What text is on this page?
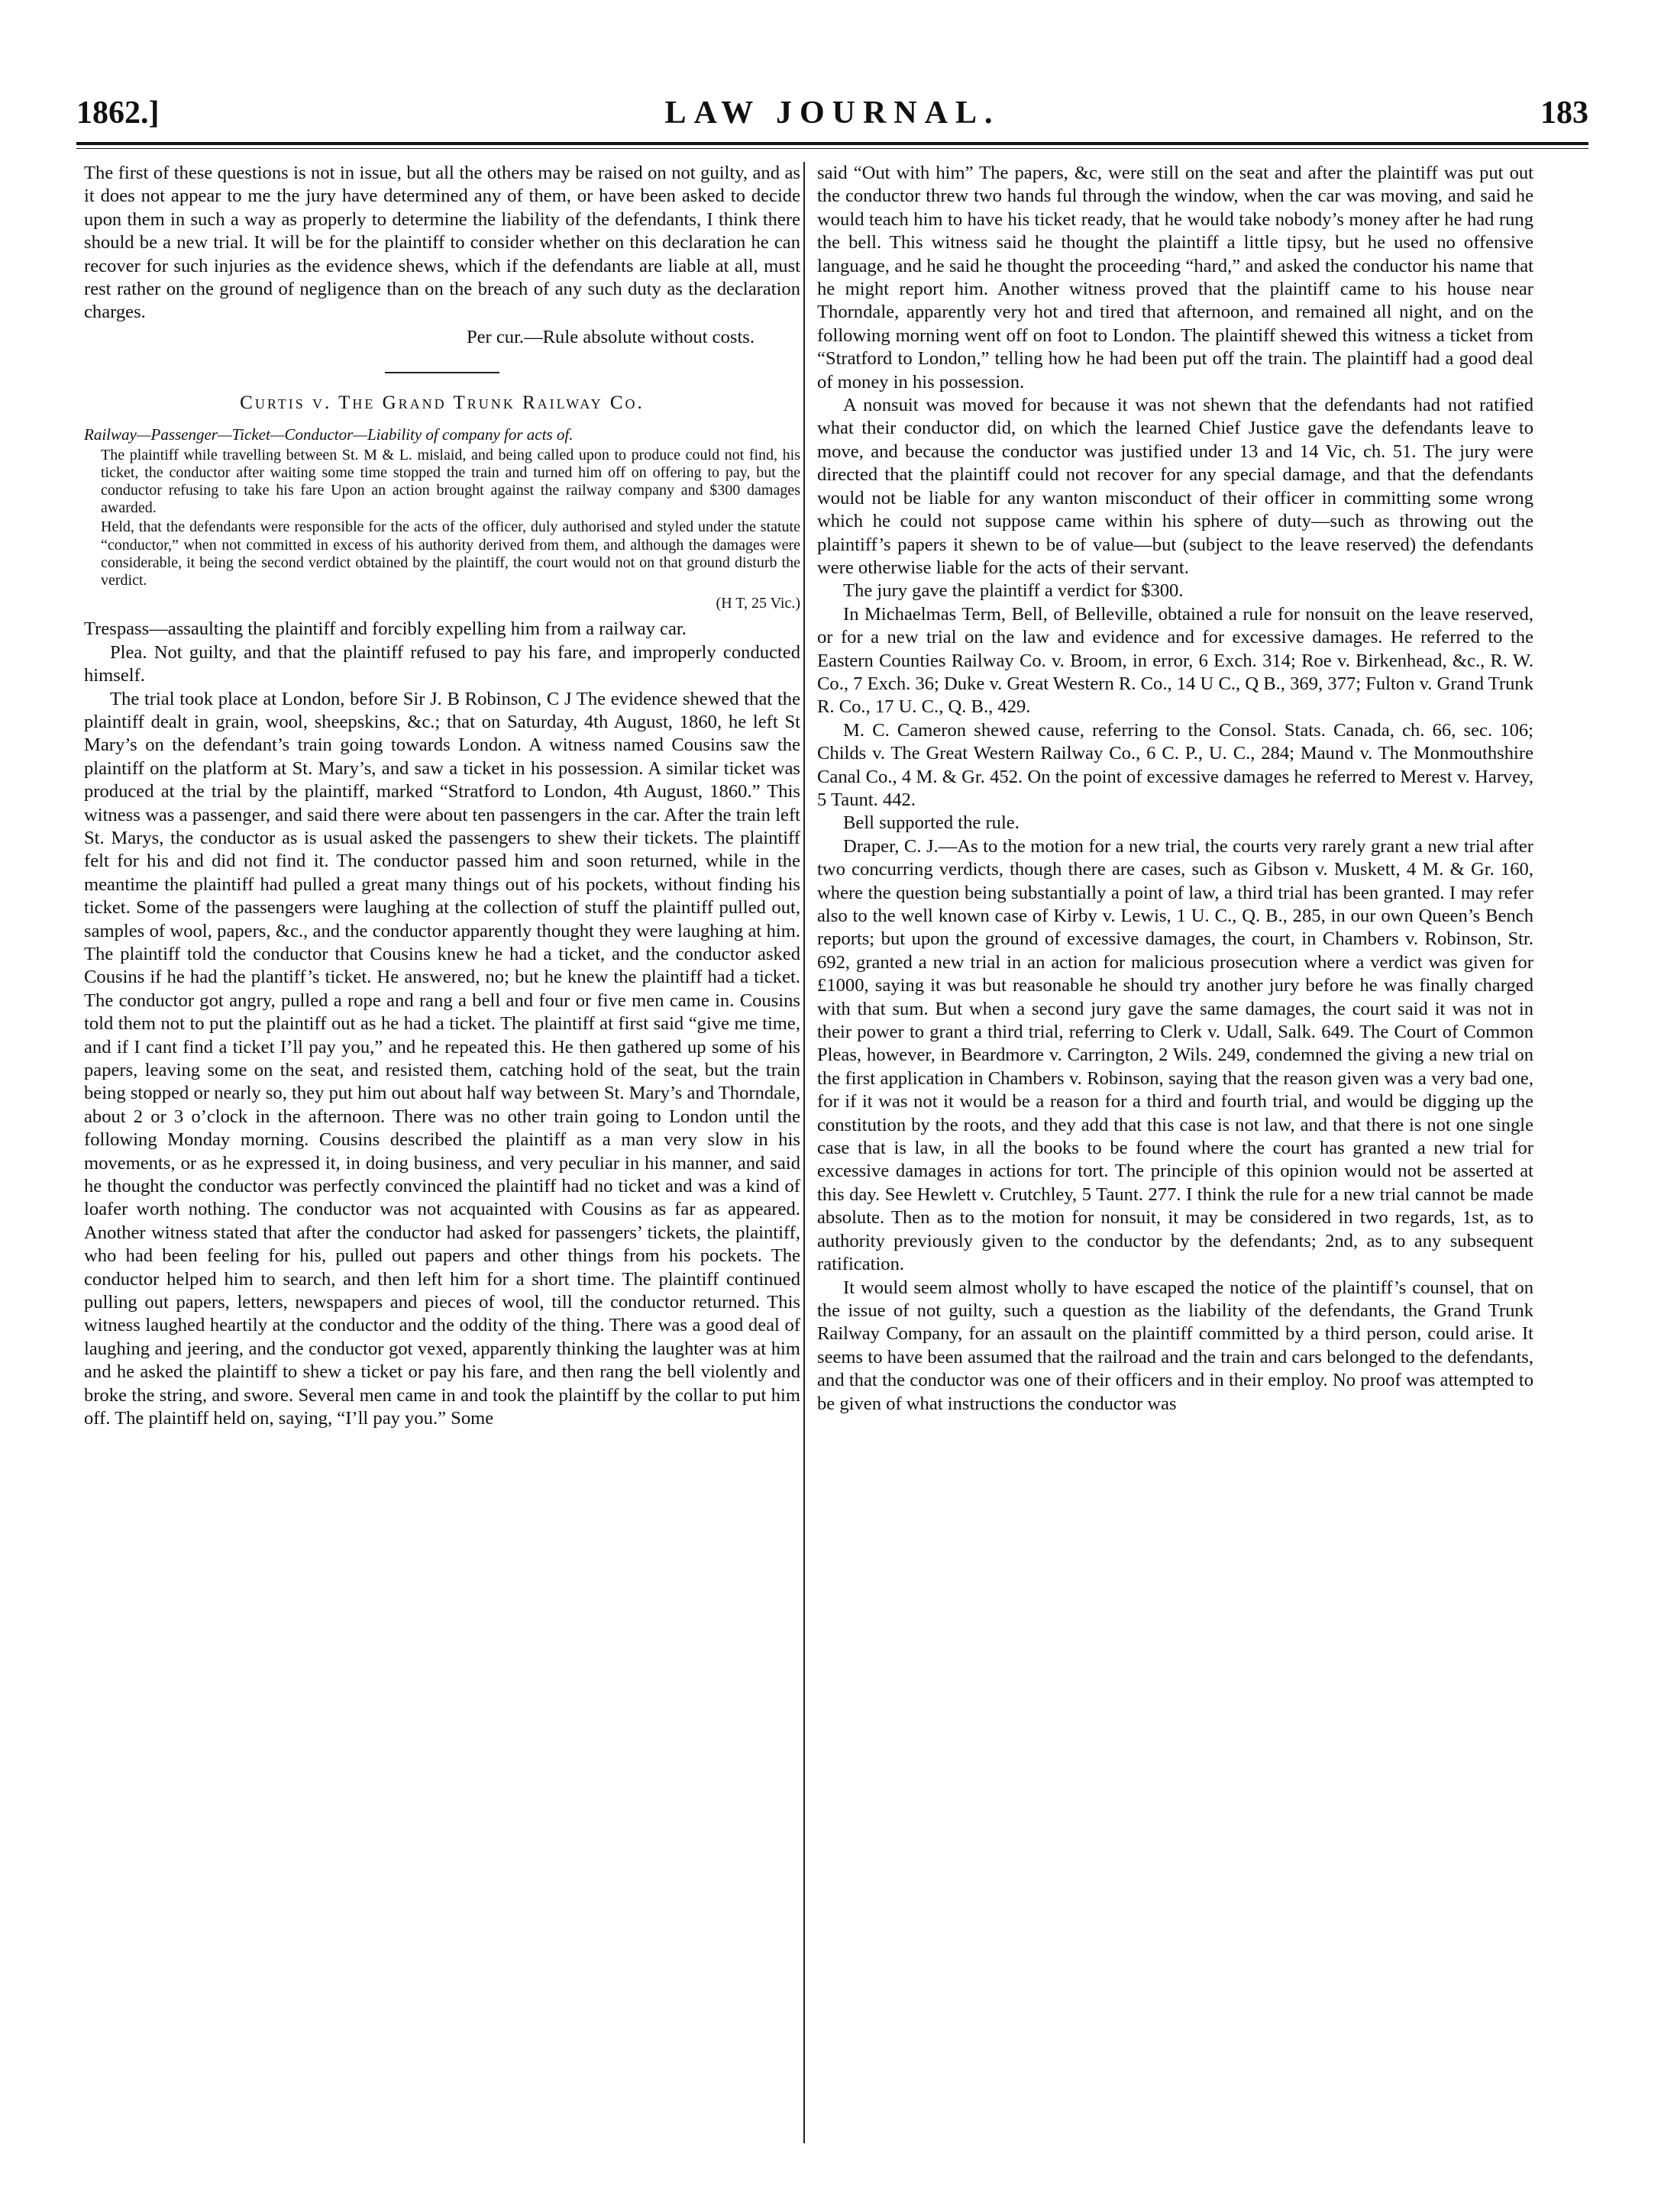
1862.]	LAW JOURNAL.	183

The first of these questions is not in issue, but all the others may be raised on not guilty, and as it does not appear to me the jury have determined any of them, or have been asked to decide upon them in such a way as properly to determine the liability of the defendants, I think there should be a new trial. It will be for the plaintiff to consider whether on this declaration he can recover for such injuries as the evidence shews, which if the defendants are liable at all, must rest rather on the ground of negligence than on the breach of any such duty as the declaration charges.

Per cur.—Rule absolute without costs.

Curtis v. The Grand Trunk Railway Co.

Railway—Passenger—Ticket—Conductor—Liability of company for acts of.

The plaintiff while travelling between St. M & L. mislaid, and being called upon to produce could not find, his ticket, the conductor after waiting some time stopped the train and turned him off on offering to pay, but the conductor refusing to take his fare Upon an action brought against the railway company and $300 damages awarded.

Held, that the defendants were responsible for the acts of the officer, duly authorised and styled under the statute “conductor,” when not committed in excess of his authority derived from them, and although the damages were considerable, it being the second verdict obtained by the plaintiff, the court would not on that ground disturb the verdict.

(H T, 25 Vic.)

Trespass—assaulting the plaintiff and forcibly expelling him from a railway car.

Plea. Not guilty, and that the plaintiff refused to pay his fare, and improperly conducted himself.

The trial took place at London, before Sir J. B Robinson, C J The evidence shewed that the plaintiff dealt in grain, wool, sheepskins, &c.; that on Saturday, 4th August, 1860, he left St Mary’s on the defendant’s train going towards London. A witness named Cousins saw the plaintiff on the platform at St. Mary’s, and saw a ticket in his possession. A similar ticket was produced at the trial by the plaintiff, marked “Stratford to London, 4th August, 1860.” This witness was a passenger, and said there were about ten passengers in the car. After the train left St. Marys, the conductor as is usual asked the passengers to shew their tickets. The plaintiff felt for his and did not find it. The conductor passed him and soon returned, while in the meantime the plaintiff had pulled a great many things out of his pockets, without finding his ticket. Some of the passengers were laughing at the collection of stuff the plaintiff pulled out, samples of wool, papers, &c., and the conductor apparently thought they were laughing at him. The plaintiff told the conductor that Cousins knew he had a ticket, and the conductor asked Cousins if he had the plantiff’s ticket. He answered, no; but he knew the plaintiff had a ticket. The conductor got angry, pulled a rope and rang a bell and four or five men came in. Cousins told them not to put the plaintiff out as he had a ticket. The plaintiff at first said “give me time, and if I cant find a ticket I’ll pay you,” and he repeated this. He then gathered up some of his papers, leaving some on the seat, and resisted them, catching hold of the seat, but the train being stopped or nearly so, they put him out about half way between St. Mary’s and Thorndale, about 2 or 3 o’clock in the afternoon. There was no other train going to London until the following Monday morning. Cousins described the plaintiff as a man very slow in his movements, or as he expressed it, in doing business, and very peculiar in his manner, and said he thought the conductor was perfectly convinced the plaintiff had no ticket and was a kind of loafer worth nothing. The conductor was not acquainted with Cousins as far as appeared. Another witness stated that after the conductor had asked for passengers’ tickets, the plaintiff, who had been feeling for his, pulled out papers and other things from his pockets. The conductor helped him to search, and then left him for a short time. The plaintiff continued pulling out papers, letters, newspapers and pieces of wool, till the conductor returned. This witness laughed heartily at the conductor and the oddity of the thing. There was a good deal of laughing and jeering, and the conductor got vexed, apparently thinking the laughter was at him and he asked the plaintiff to shew a ticket or pay his fare, and then rang the bell violently and broke the string, and swore. Several men came in and took the plaintiff by the collar to put him off. The plaintiff held on, saying, “I’ll pay you.” Some

said “Out with him” The papers, &c, were still on the seat and after the plaintiff was put out the conductor threw two hands ful through the window, when the car was moving, and said he would teach him to have his ticket ready, that he would take nobody’s money after he had rung the bell. This witness said he thought the plaintiff a little tipsy, but he used no offensive language, and he said he thought the proceeding “hard,” and asked the conductor his name that he might report him. Another witness proved that the plaintiff came to his house near Thorndale, apparently very hot and tired that afternoon, and remained all night, and on the following morning went off on foot to London. The plaintiff shewed this witness a ticket from “Stratford to London,” telling how he had been put off the train. The plaintiff had a good deal of money in his possession.

A nonsuit was moved for because it was not shewn that the defendants had not ratified what their conductor did, on which the learned Chief Justice gave the defendants leave to move, and because the conductor was justified under 13 and 14 Vic, ch. 51. The jury were directed that the plaintiff could not recover for any special damage, and that the defendants would not be liable for any wanton misconduct of their officer in committing some wrong which he could not suppose came within his sphere of duty—such as throwing out the plaintiff’s papers it shewn to be of value—but (subject to the leave reserved) the defendants were otherwise liable for the acts of their servant.

The jury gave the plaintiff a verdict for $300.

In Michaelmas Term, Bell, of Belleville, obtained a rule for nonsuit on the leave reserved, or for a new trial on the law and evidence and for excessive damages. He referred to the Eastern Counties Railway Co. v. Broom, in error, 6 Exch. 314; Roe v. Birkenhead, &c., R. W. Co., 7 Exch. 36; Duke v. Great Western R. Co., 14 U C., Q B., 369, 377; Fulton v. Grand Trunk R. Co., 17 U. C., Q. B., 429.

M. C. Cameron shewed cause, referring to the Consol. Stats. Canada, ch. 66, sec. 106; Childs v. The Great Western Railway Co., 6 C. P., U. C., 284; Maund v. The Monmouthshire Canal Co., 4 M. & Gr. 452. On the point of excessive damages he referred to Merest v. Harvey, 5 Taunt. 442.

Bell supported the rule.

Draper, C. J.—As to the motion for a new trial, the courts very rarely grant a new trial after two concurring verdicts, though there are cases, such as Gibson v. Muskett, 4 M. & Gr. 160, where the question being substantially a point of law, a third trial has been granted. I may refer also to the well known case of Kirby v. Lewis, 1 U. C., Q. B., 285, in our own Queen’s Bench reports; but upon the ground of excessive damages, the court, in Chambers v. Robinson, Str. 692, granted a new trial in an action for malicious prosecution where a verdict was given for £1000, saying it was but reasonable he should try another jury before he was finally charged with that sum. But when a second jury gave the same damages, the court said it was not in their power to grant a third trial, referring to Clerk v. Udall, Salk. 649. The Court of Common Pleas, however, in Beardmore v. Carrington, 2 Wils. 249, condemned the giving a new trial on the first application in Chambers v. Robinson, saying that the reason given was a very bad one, for if it was not it would be a reason for a third and fourth trial, and would be digging up the constitution by the roots, and they add that this case is not law, and that there is not one single case that is law, in all the books to be found where the court has granted a new trial for excessive damages in actions for tort. The principle of this opinion would not be asserted at this day. See Hewlett v. Crutchley, 5 Taunt. 277. I think the rule for a new trial cannot be made absolute. Then as to the motion for nonsuit, it may be considered in two regards, 1st, as to authority previously given to the conductor by the defendants; 2nd, as to any subsequent ratification.

It would seem almost wholly to have escaped the notice of the plaintiff’s counsel, that on the issue of not guilty, such a question as the liability of the defendants, the Grand Trunk Railway Company, for an assault on the plaintiff committed by a third person, could arise. It seems to have been assumed that the railroad and the train and cars belonged to the defendants, and that the conductor was one of their officers and in their employ. No proof was attempted to be given of what instructions the conductor was
